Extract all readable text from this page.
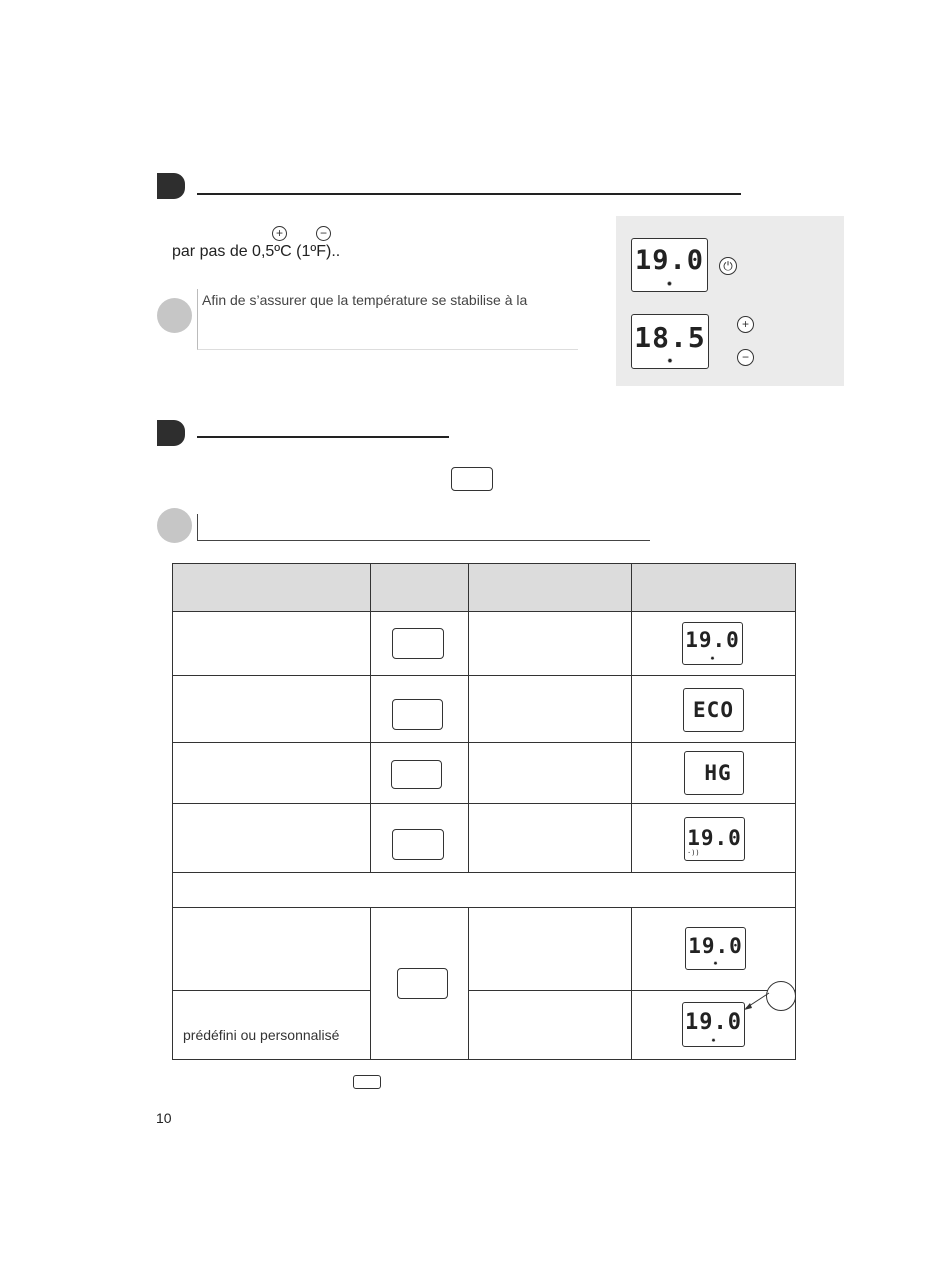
+	−
par pas de 0,5ºC (1ºF)..
Afin de s’assurer que la température se stabilise à la
19.0
✹
⏻
18.5
✹
+
−

			19.0
✹

			ECO

			HG

			19.0
·))

			19.0
✹

prédéfini ou personnalisé			19.0
✹
10
